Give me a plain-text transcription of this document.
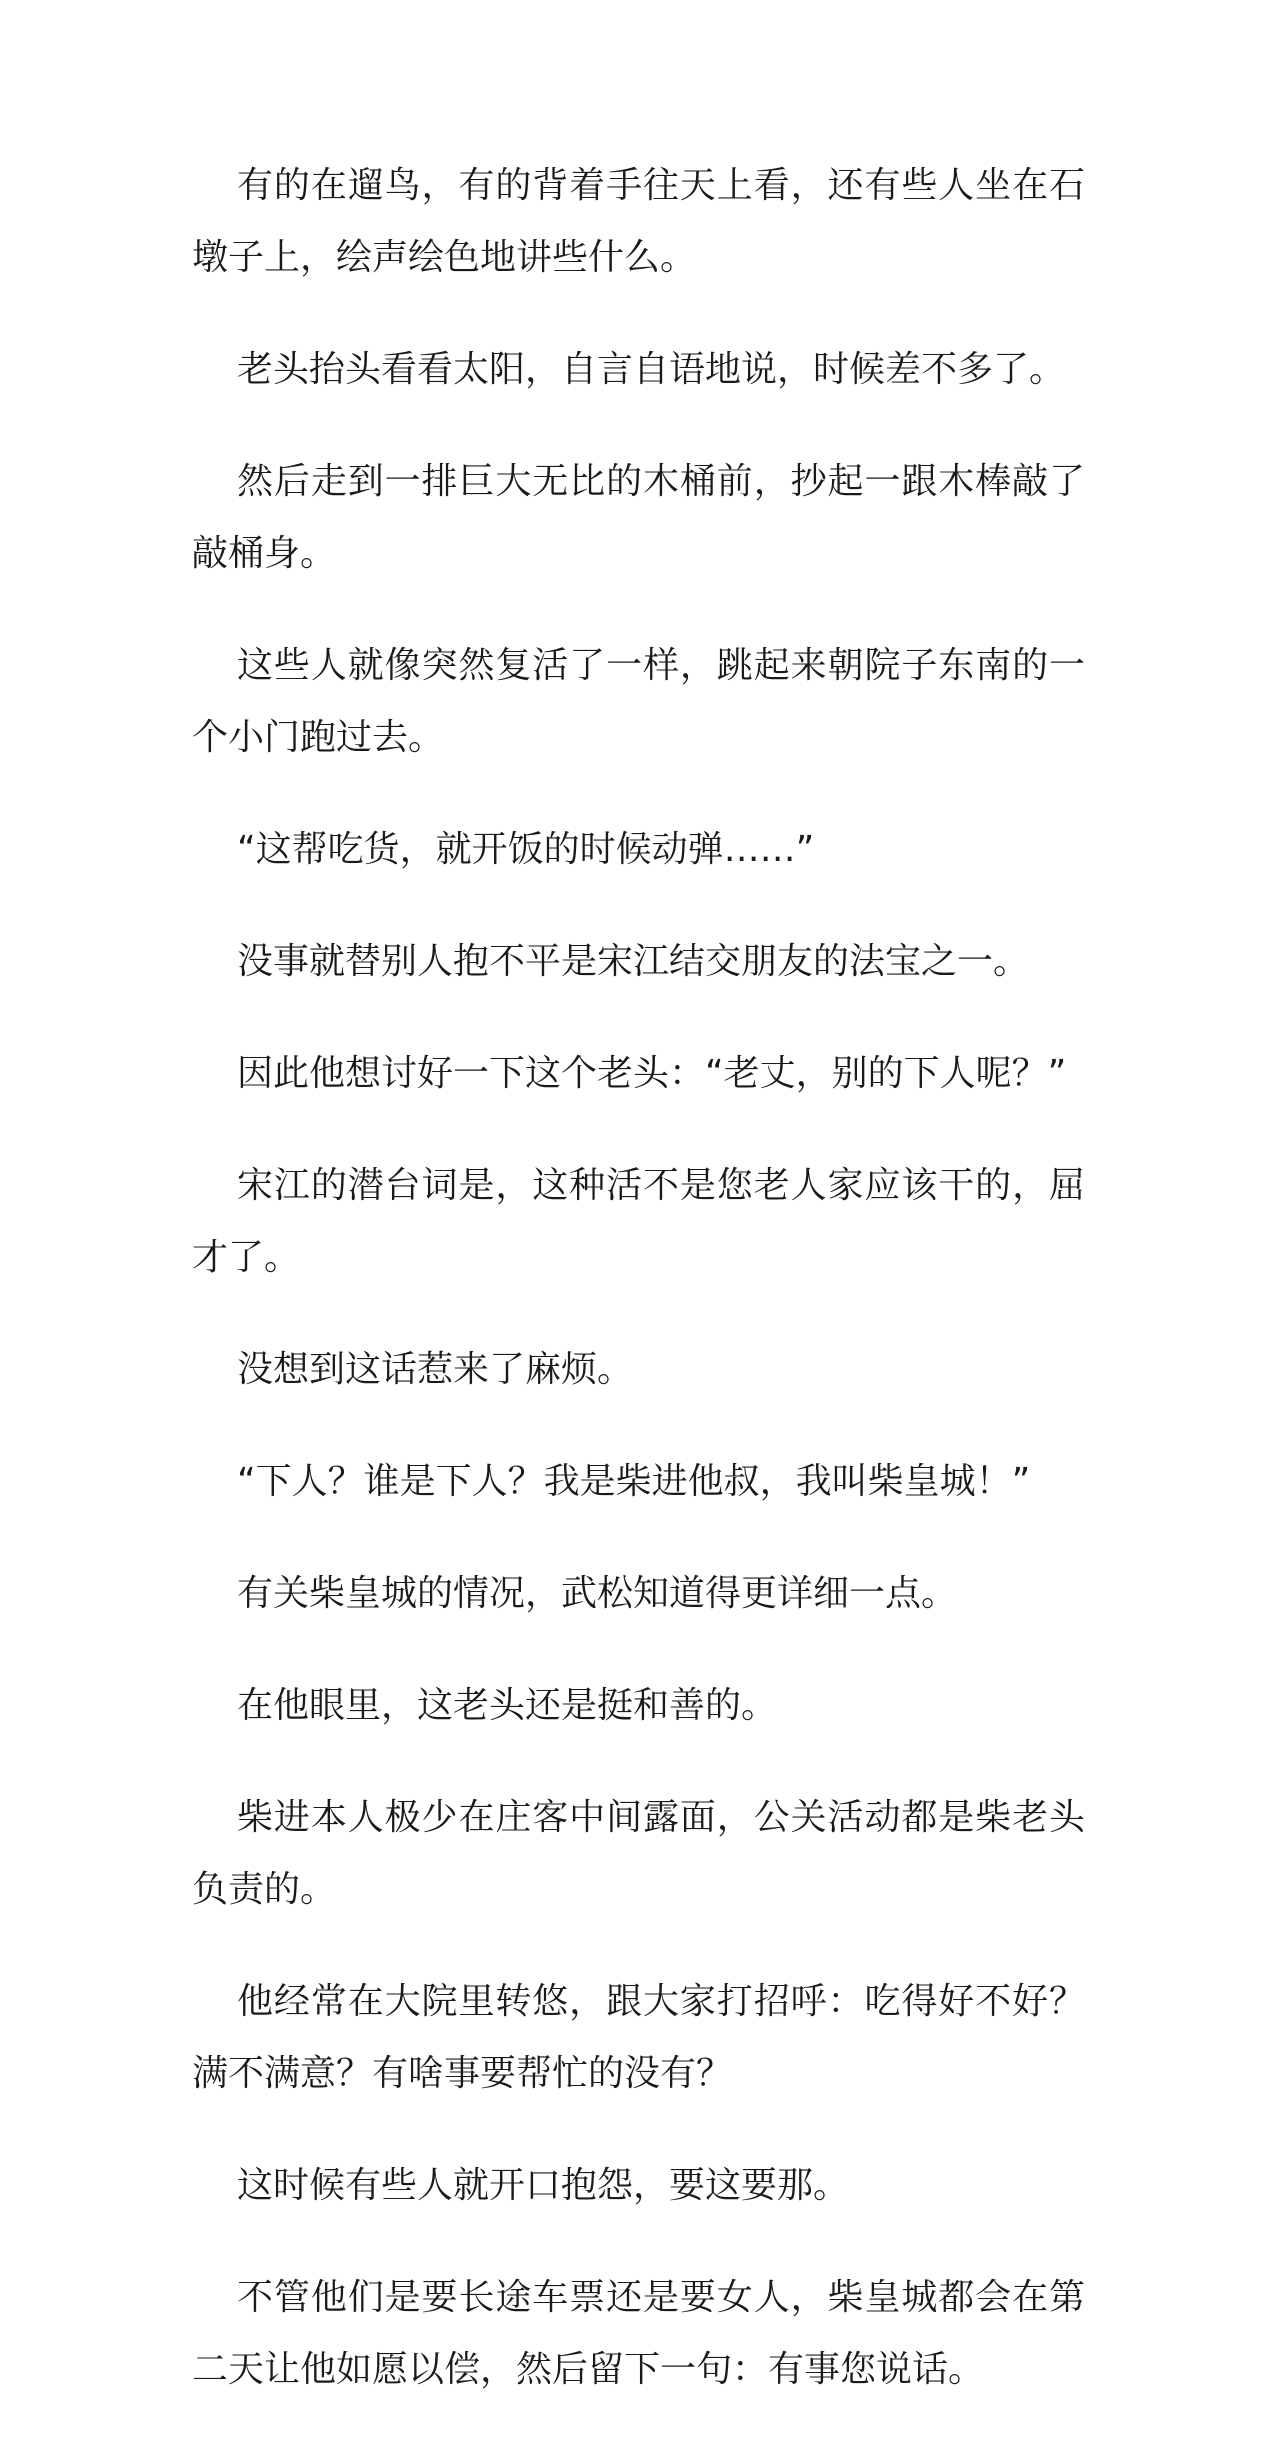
有的在遛鸟，有的背着手往天上看，还有些人坐在石墩子上，绘声绘色地讲些什么。

老头抬头看看太阳，自言自语地说，时候差不多了。

然后走到一排巨大无比的木桶前，抄起一跟木棒敲了敲桶身。

这些人就像突然复活了一样，跳起来朝院子东南的一个小门跑过去。

“这帮吃货，就开饭的时候动弹……”

没事就替别人抱不平是宋江结交朋友的法宝之一。

因此他想讨好一下这个老头：“老丈，别的下人呢？”

宋江的潜台词是，这种活不是您老人家应该干的，屈才了。

没想到这话惹来了麻烦。

“下人？谁是下人？我是柴进他叔，我叫柴皇城！”

有关柴皇城的情况，武松知道得更详细一点。

在他眼里，这老头还是挺和善的。

柴进本人极少在庄客中间露面，公关活动都是柴老头负责的。

他经常在大院里转悠，跟大家打招呼：吃得好不好？满不满意？有啥事要帮忙的没有？

这时候有些人就开口抱怨，要这要那。

不管他们是要长途车票还是要女人，柴皇城都会在第二天让他如愿以偿，然后留下一句：有事您说话。
